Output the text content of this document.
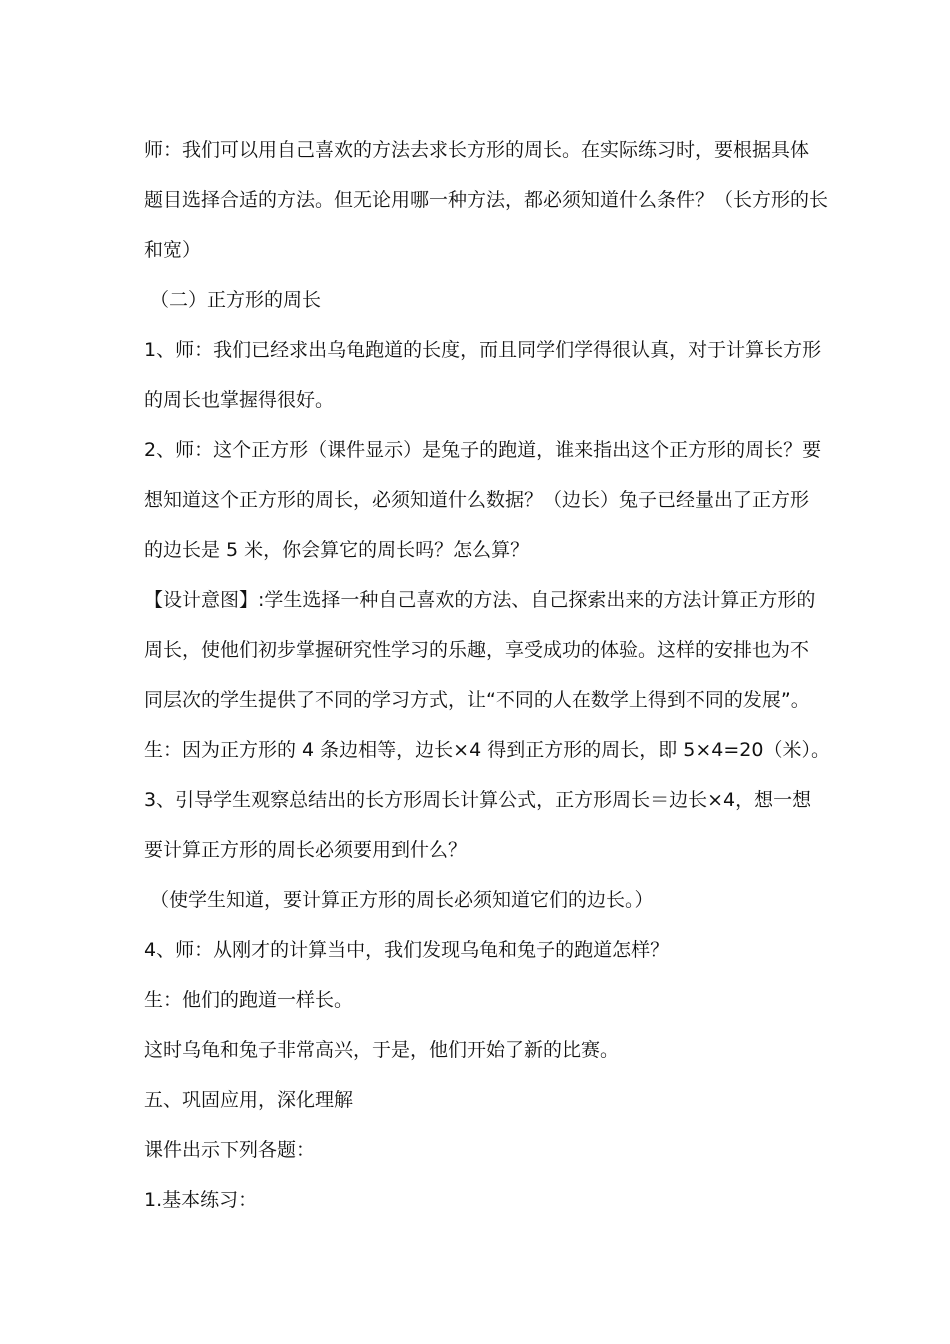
师：我们可以用自己喜欢的方法去求长方形的周长。在实际练习时，要根据具体
题目选择合适的方法。但无论用哪一种方法，都必须知道什么条件？（长方形的长
和宽）
（二）正方形的周长
1、师：我们已经求出乌龟跑道的长度，而且同学们学得很认真，对于计算长方形
的周长也掌握得很好。
2、师：这个正方形（课件显示）是兔子的跑道，谁来指出这个正方形的周长？要
想知道这个正方形的周长，必须知道什么数据？（边长）兔子已经量出了正方形
的边长是 5 米，你会算它的周长吗？怎么算？
【设计意图】:学生选择一种自己喜欢的方法、自己探索出来的方法计算正方形的
周长，使他们初步掌握研究性学习的乐趣，享受成功的体验。这样的安排也为不
同层次的学生提供了不同的学习方式，让“不同的人在数学上得到不同的发展”。
生：因为正方形的 4 条边相等，边长×4 得到正方形的周长，即 5×4=20（米）。
3、引导学生观察总结出的长方形周长计算公式，正方形周长＝边长×4，想一想
要计算正方形的周长必须要用到什么？
（使学生知道，要计算正方形的周长必须知道它们的边长。）
4、师：从刚才的计算当中，我们发现乌龟和兔子的跑道怎样？
生：他们的跑道一样长。
这时乌龟和兔子非常高兴，于是，他们开始了新的比赛。
五、巩固应用，深化理解
课件出示下列各题：
1.基本练习：
